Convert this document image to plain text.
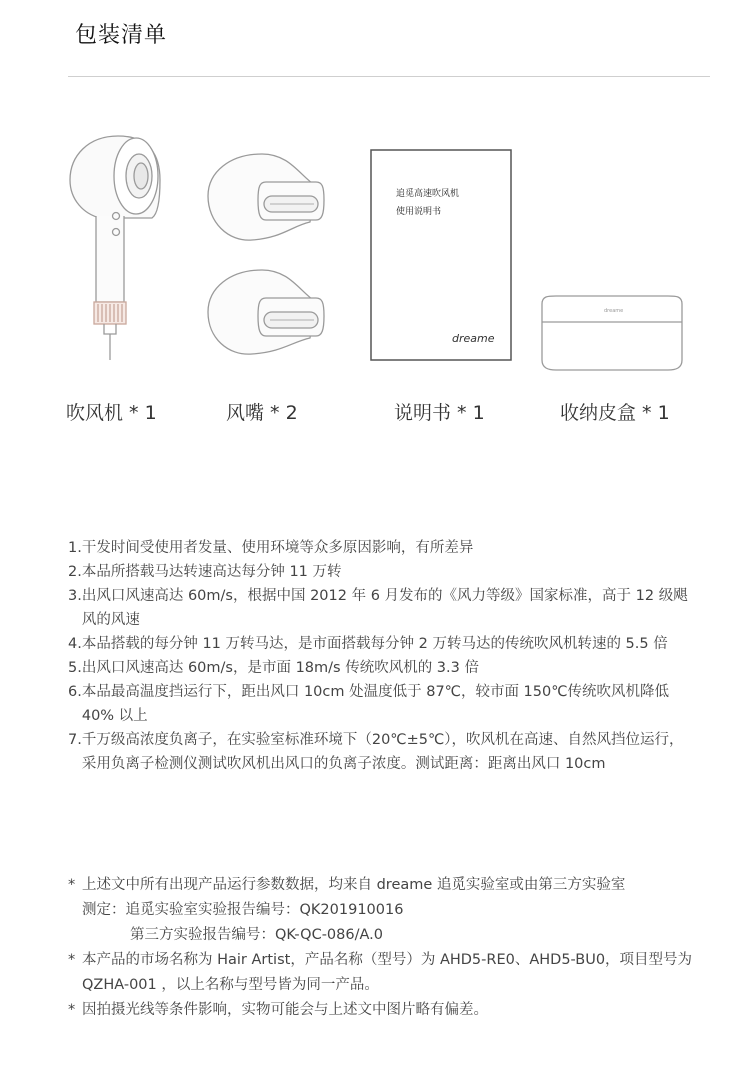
包装清单
追觅高速吹风机
使用说明书
dreame
dreame
吹风机 * 1	风嘴 * 2	说明书 * 1	收纳皮盒 * 1
1. 干发时间受使用者发量、使用环境等众多原因影响，有所差异
2. 本品所搭载马达转速高达每分钟 11 万转
3. 出风口风速高达 60m/s，根据中国 2012 年 6 月发布的《风力等级》国家标准，高于 12 级飓风的风速
4. 本品搭载的每分钟 11 万转马达，是市面搭载每分钟 2 万转马达的传统吹风机转速的 5.5 倍
5. 出风口风速高达 60m/s，是市面 18m/s 传统吹风机的 3.3 倍
6. 本品最高温度挡运行下，距出风口 10cm 处温度低于 87℃，较市面 150℃传统吹风机降低 40% 以上
7. 千万级高浓度负离子，在实验室标准环境下（20℃±5℃），吹风机在高速、自然风挡位运行，采用负离子检测仪测试吹风机出风口的负离子浓度。测试距离：距离出风口 10cm
* 上述文中所有出现产品运行参数数据，均来自 dreame 追觅实验室或由第三方实验室
测定：追觅实验室实验报告编号：QK201910016
第三方实验报告编号：QK-QC-086/A.0
* 本产品的市场名称为 Hair Artist，产品名称（型号）为 AHD5-RE0、AHD5-BU0，项目型号为 QZHA-001 ，以上名称与型号皆为同一产品。
* 因拍摄光线等条件影响，实物可能会与上述文中图片略有偏差。
